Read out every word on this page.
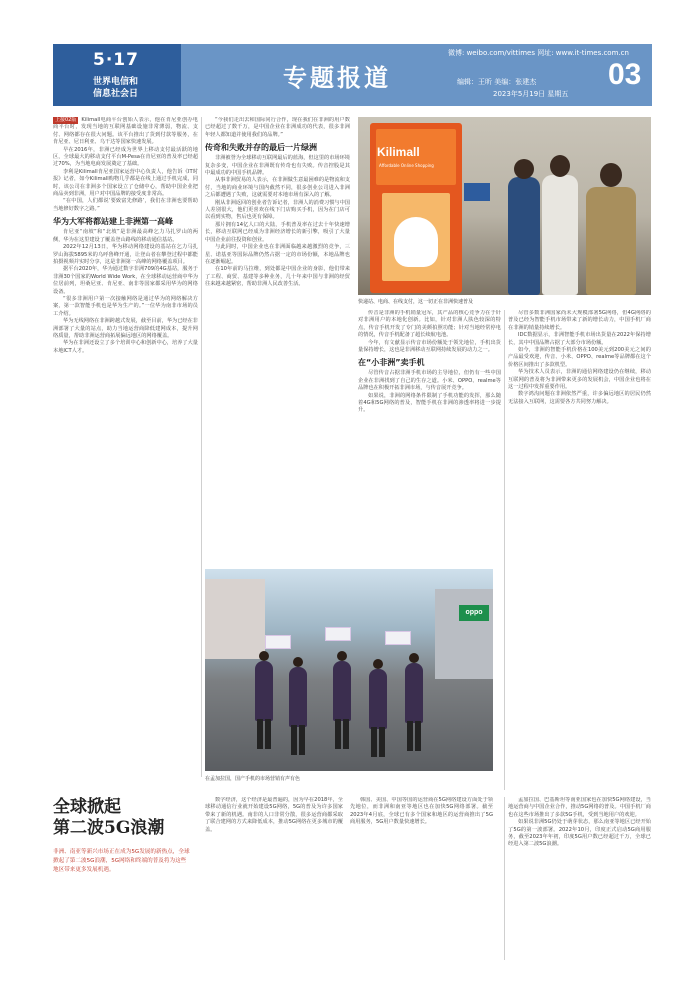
5·17
世界电信和
信息社会日
专题报道
微博: weibo.com/vittimes 网址: www.it-times.com.cn
编辑：王昕 美编：张建杰
2023年5月19日 星期五
03

上接02版 Kilimall电商平台创始人表示，他在肯尼亚创办电商平台时，发现当地的互联网基础设施非常薄弱，物流、支付、网络都存在很大问题。该平台推出了货到付款等服务，在肯尼亚、尼日利亚、乌干达等国家快速发展。

早在2016年，非洲已经成为世界上移动支付最活跃的地区，全球最大的移动支付平台M-Pesa在肯尼亚的普及率已经超过70%，为当地电商发展奠定了基础。

李利是Kilimall肯尼亚国家运营中心负责人，他告诉《IT时报》记者，如今Kilimall购物几乎都是在线上通过手机完成，同时，该公司在非洲多个国家设立了仓储中心，帮助中国企业把商品卖到非洲，用户对中国品牌的接受度非常高。

“在中国，人们都说‘要致富先修路’，我们在非洲也要帮助当地修好数字之路。”

华为大军将都站建上非洲第一高峰

肯尼亚“南坡”和“北坡”是非洲最高峰乞力马扎罗山的两侧，华为在这里建设了覆盖登山路线的移动通信基站。

2022年12月13日，华为移动网络建设的基站在乞力马扎罗山海拔5895米的乌呼鲁峰开通，让登山者在攀登过程中都能拍摄视频并实时分享，这是非洲第一高峰的网络覆盖项目。

据平台2020年，华为通过数字非洲709的4G基站，服务于非洲30个国家的World Wide Work，在全球移动运营商中华为位居前列，坦桑尼亚、肯尼亚、南非等国家都采用华为的网络设备。

“很多非洲用户第一次接触网络是通过华为的网络解决方案，第一款智能手机也是华为生产的。”一位华为南非市场的员工介绍。

华为无线网络在非洲跨越式发展，截至目前，华为已经在非洲部署了大量的站点，助力当地运营商降低建网成本，提升网络质量，帮助非洲运营商拓展偏远地区的网络覆盖。

华为在非洲还设立了多个培训中心和创新中心，培养了大量本地ICT人才。

“今我们走出去和国际同行合作，现在我们在非洲的用户数已经超过了数千万，是中国企业在非洲成功的代表，很多非洲年轻人都知道并使用我们的品牌。”

传奇和失败并存的最后一片绿洲

非洲被誉为全球移动互联网最后的蓝海，但这里的市场环境复杂多变，中国企业在非洲既有传奇也有失败。传音控股是其中最成功的中国手机品牌。

从事非洲贸易的人表示，在非洲做生意最困难的是物流和支付，当地的商业环境与国内截然不同，很多创业公司进入非洲之后都遭遇了失败，这就需要对本地市场有深入的了解。

刚从非洲返回的创业者告诉记者，非洲人的消费习惯与中国人差别很大，他们更喜欢在线下门店购买手机，因为在门店可以看到实物，售后也更有保障。

那片拥有14亿人口的大陆，手机普及率在过去十年快速增长，移动互联网已经成为非洲经济增长的新引擎，吸引了大量中国企业前往投资和创业。

与此同时，中国企业也在非洲面临越来越激烈的竞争，三星、诺基亚等国际品牌仍然占据一定的市场份额，本地品牌也在逐渐崛起。

在10年前的马拉维，到处都是中国企业的身影，他们带来了工程、商贸、基建等多种业务，几十年来中国与非洲的经贸往来越来越紧密，帮助非洲人民改善生活。

Kilimall
Affordable Online Shopping
快递站、电商、在线支付，这一切正在非洲快速普及

传音是非洲的手机销量冠军，其产品的核心竞争力在于针对非洲用户的本地化创新。比如，针对非洲人肤色较深的特点，传音手机开发了专门的美颜拍照功能；针对当地经常停电的情况，传音手机配备了超长续航电池。

今年，有文献显示传音市场份额处于领先地位，手机出货量保持增长，这也是非洲移动互联网持续发展的动力之一。

在“小非洲”卖手机

尽管传音占据非洲手机市场的主导地位，但仍有一些中国企业在非洲找到了自己的生存之道。小米、OPPO、realme等品牌也在积极开拓非洲市场，与传音展开竞争。

如果说，非洲的网络条件限制了手机功能的发挥，那么随着4G和5G网络的普及，智能手机在非洲的渗透率将进一步提升。

尽管多数非洲国家尚未大规模部署5G网络，但4G网络的普及已经为智能手机市场带来了新的增长动力，中国手机厂商在非洲的销量持续增长。

IDC数据显示，非洲智能手机市场出货量在2022年保持增长，其中中国品牌占据了大部分市场份额。

如今，非洲的智能手机价格在100美元到200美元之间的产品最受欢迎，传音、小米、OPPO、realme等品牌都在这个价格区间推出了多款机型。

华为技术人员表示，非洲的通信网络建设仍在继续，移动互联网的普及将为非洲带来更多的发展机会，中国企业也将在这一过程中发挥重要作用。

数字鸿沟问题在非洲依然严重，许多偏远地区的居民仍然无法接入互联网，这需要各方共同努力解决。

oppo
在孟加拉国，国产手机的市场营销有声有色
全球掀起
第二波5G浪潮
非洲、南亚等新兴市场正在成为5G发展的新热点，全球掀起了第二波5G浪潮，5G网络和终端的普及将为这些地区带来更多发展机遇。

数字经济，这个经济是最普遍的，因为早在2018年，全球移动通信行业就开始建设5G网络，5G的普及为许多国家带来了新的机遇。南非的人口非常分散，很多运营商都采取了联合建网的方式来降低成本，推动5G网络在更多城市的覆盖。

韩国、美国、中国等国的运营商在5G网络建设方面处于领先地位，而非洲和南亚等地区也在加快5G网络部署。截至2023年4月底，全球已有多个国家和地区的运营商推出了5G商用服务，5G用户数量快速增长。

孟加拉国、巴基斯坦等南亚国家也在加快5G网络建设，当地运营商与中国企业合作，推动5G网络的普及。中国手机厂商也在这些市场推出了多款5G手机，受到当地用户的欢迎。

如果说非洲5G仍处于萌芽状态，那么南亚等地区已经开始了5G的第一波部署。2022年10月，印度正式启动5G商用服务，截至2023年年初，印度5G用户数已经超过千万，全球已经进入第二波5G浪潮。
